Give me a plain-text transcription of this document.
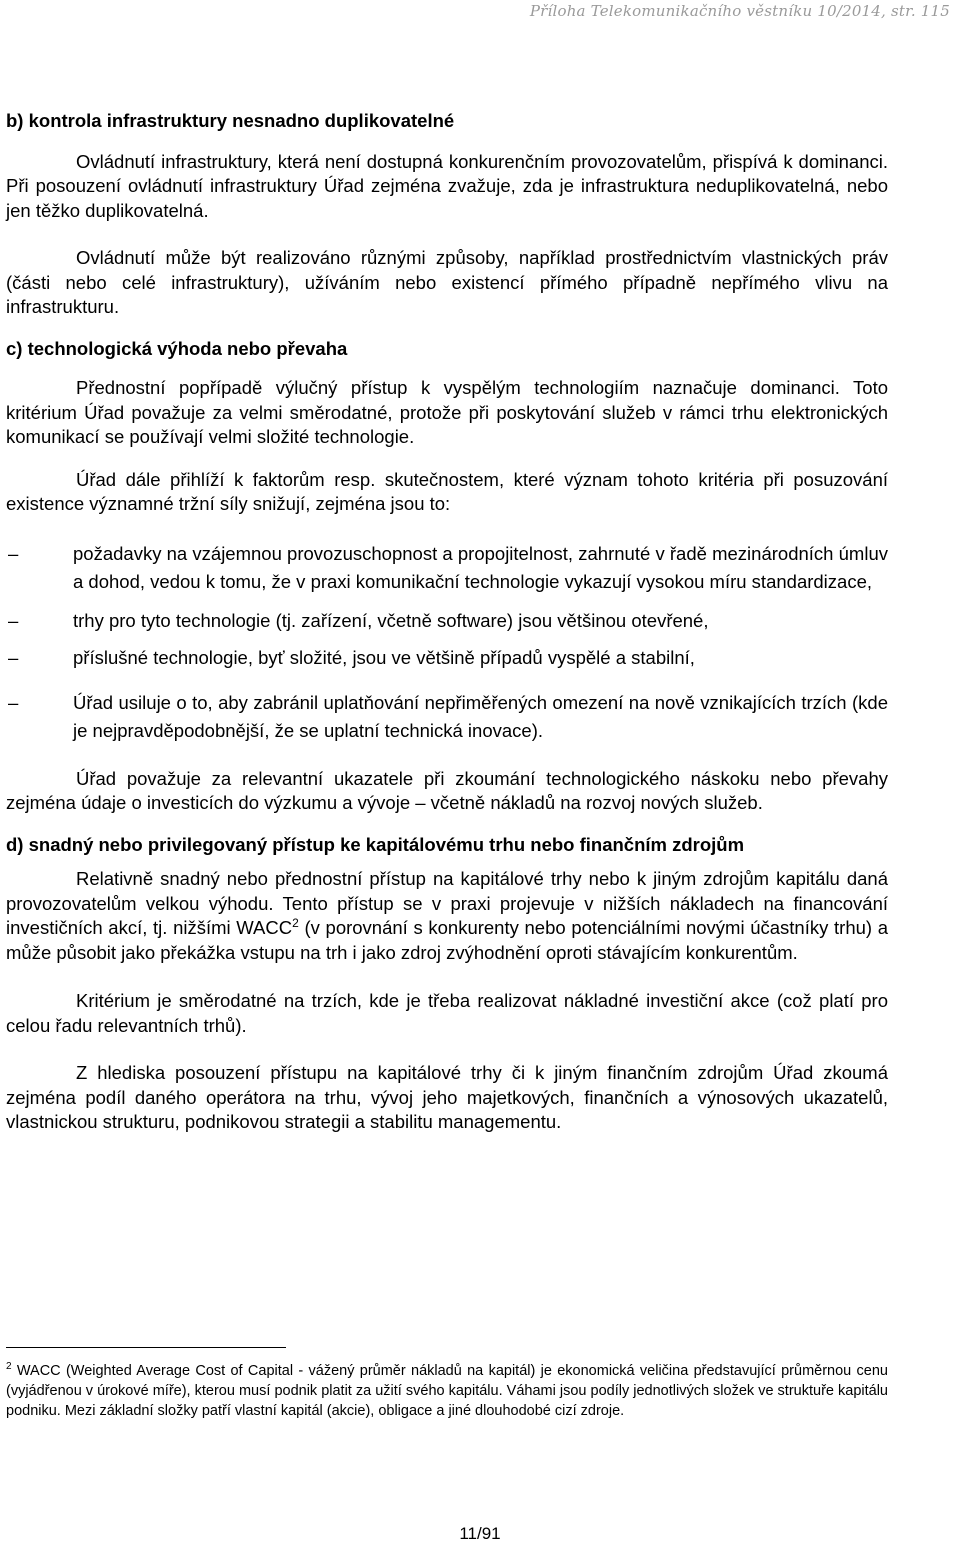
Příloha Telekomunikačního věstníku 10/2014, str. 115

b) kontrola infrastruktury nesnadno duplikovatelné

Ovládnutí infrastruktury, která není dostupná konkurenčním provozovatelům, přispívá k dominanci. Při posouzení ovládnutí infrastruktury Úřad zejména zvažuje, zda je infrastruktura neduplikovatelná, nebo jen těžko duplikovatelná.

Ovládnutí může být realizováno různými způsoby, například prostřednictvím vlastnických práv (části nebo celé infrastruktury), užíváním nebo existencí přímého případně nepřímého vlivu na infrastrukturu.

c) technologická výhoda nebo převaha

Přednostní popřípadě výlučný přístup k vyspělým technologiím naznačuje dominanci. Toto kritérium Úřad považuje za velmi směrodatné, protože při poskytování služeb v rámci trhu elektronických komunikací se používají velmi složité technologie.

Úřad dále přihlíží k faktorům resp. skutečnostem, které význam tohoto kritéria při posuzování existence významné tržní síly snižují, zejména jsou to:

–	požadavky na vzájemnou provozuschopnost a propojitelnost, zahrnuté v řadě mezinárodních úmluv a dohod, vedou k tomu, že v praxi komunikační technologie vykazují vysokou míru standardizace,
–	trhy pro tyto technologie (tj. zařízení, včetně software) jsou většinou otevřené,
–	příslušné technologie, byť složité, jsou ve většině případů vyspělé a stabilní,
–	Úřad usiluje o to, aby zabránil uplatňování nepřiměřených omezení na nově vznikajících trzích (kde je nejpravděpodobnější, že se uplatní technická inovace).

Úřad považuje za relevantní ukazatele při zkoumání technologického náskoku nebo převahy zejména údaje o investicích do výzkumu a vývoje – včetně nákladů na rozvoj nových služeb.

d) snadný nebo privilegovaný přístup ke kapitálovému trhu nebo finančním zdrojům

Relativně snadný nebo přednostní přístup na kapitálové trhy nebo k jiným zdrojům kapitálu daná provozovatelům velkou výhodu. Tento přístup se v praxi projevuje v nižších nákladech na financování investičních akcí, tj. nižšími WACC$^2$ (v porovnání s konkurenty nebo potenciálními novými účastníky trhu) a může působit jako překážka vstupu na trh i jako zdroj zvýhodnění oproti stávajícím konkurentům.

Kritérium je směrodatné na trzích, kde je třeba realizovat nákladné investiční akce (což platí pro celou řadu relevantních trhů).

Z hlediska posouzení přístupu na kapitálové trhy či k jiným finančním zdrojům Úřad zkoumá zejména podíl daného operátora na trhu, vývoj jeho majetkových, finančních a výnosových ukazatelů, vlastnickou strukturu, podnikovou strategii a stabilitu managementu.

$^2$ WACC (Weighted Average Cost of Capital - vážený průměr nákladů na kapitál) je ekonomická veličina představující průměrnou cenu (vyjádřenou v úrokové míře), kterou musí podnik platit za užití svého kapitálu. Váhami jsou podíly jednotlivých složek ve struktuře kapitálu podniku. Mezi základní složky patří vlastní kapitál (akcie), obligace a jiné dlouhodobé cizí zdroje.

11/91
